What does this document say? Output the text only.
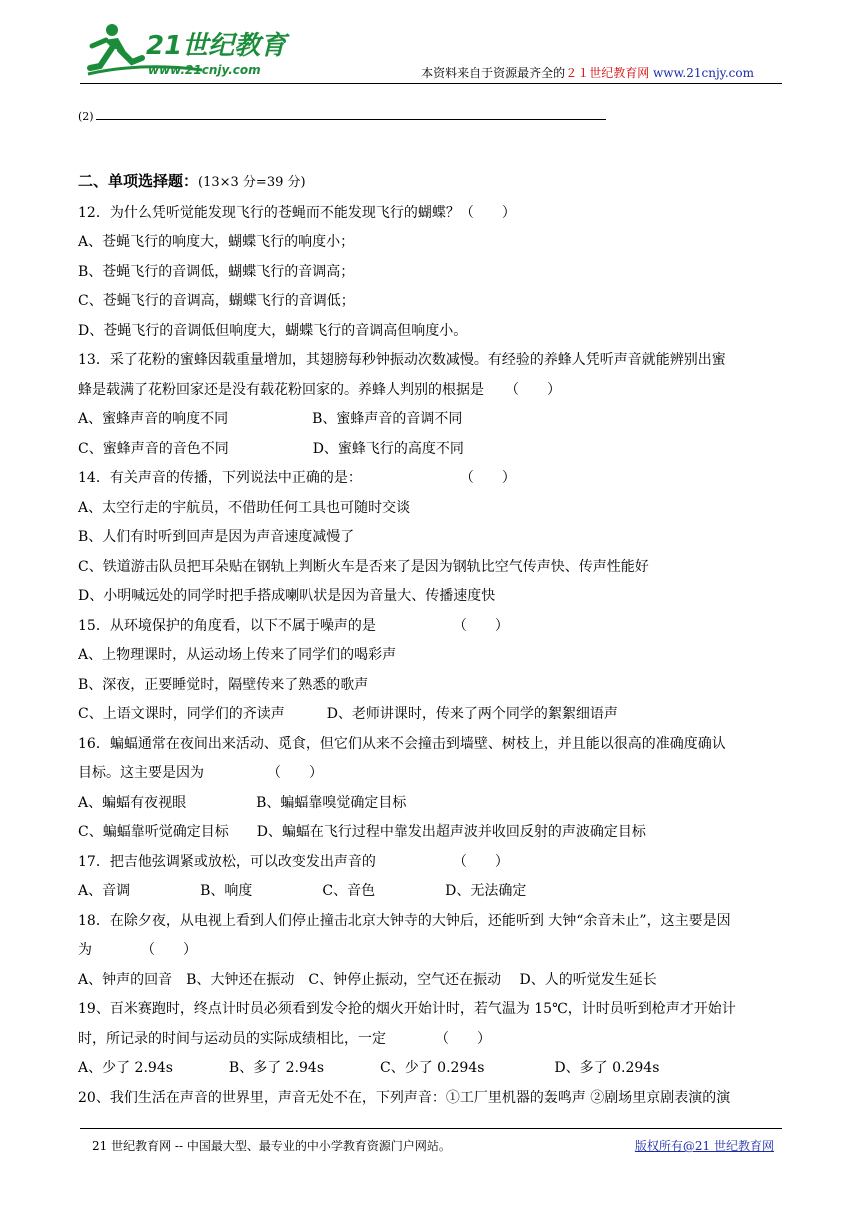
21世纪教育
www.21cnjy.com	本资料来自于资源最齐全的２１世纪教育网 www.21cnjy.com
(2)
二、单项选择题：(13×3 分=39 分)
12．为什么凭听觉能发现飞行的苍蝇而不能发现飞行的蝴蝶？（　　）
A、苍蝇飞行的响度大，蝴蝶飞行的响度小；
B、苍蝇飞行的音调低，蝴蝶飞行的音调高；
C、苍蝇飞行的音调高，蝴蝶飞行的音调低；
D、苍蝇飞行的音调低但响度大，蝴蝶飞行的音调高但响度小。
13．采了花粉的蜜蜂因载重量增加，其翅膀每秒钟振动次数减慢。有经验的养蜂人凭听声音就能辨别出蜜
蜂是载满了花粉回家还是没有载花粉回家的。养蜂人判别的根据是　　（　　）
A、蜜蜂声音的响度不同　　　　　　B、蜜蜂声音的音调不同
C、蜜蜂声音的音色不同　　　　　　D、蜜蜂飞行的高度不同
14．有关声音的传播，下列说法中正确的是：　　　　　　　　（　　）
A、太空行走的宇航员，不借助任何工具也可随时交谈
B、人们有时听到回声是因为声音速度减慢了
C、铁道游击队员把耳朵贴在钢轨上判断火车是否来了是因为钢轨比空气传声快、传声性能好
D、小明喊远处的同学时把手搭成喇叭状是因为音量大、传播速度快
15．从环境保护的角度看，以下不属于噪声的是　　　　　　（　　）
A、上物理课时，从运动场上传来了同学们的喝彩声
B、深夜，正要睡觉时，隔壁传来了熟悉的歌声
C、上语文课时，同学们的齐读声　　　D、老师讲课时，传来了两个同学的絮絮细语声
16．蝙蝠通常在夜间出来活动、觅食，但它们从来不会撞击到墙壁、树枝上，并且能以很高的准确度确认
目标。这主要是因为　　　　　（　　）
A、蝙蝠有夜视眼　　　　　B、蝙蝠靠嗅觉确定目标
C、蝙蝠靠听觉确定目标　　D、蝙蝠在飞行过程中靠发出超声波并收回反射的声波确定目标
17．把吉他弦调紧或放松，可以改变发出声音的　　　　　　（　　）
A、音调　　　　　B、响度　　　　　C、音色　　　　　D、无法确定
18．在除夕夜，从电视上看到人们停止撞击北京大钟寺的大钟后，还能听到 大钟“余音未止”，这主要是因
为　　　　（　　）
A、钟声的回音　B、大钟还在振动　C、钟停止振动，空气还在振动　 D、人的听觉发生延长
19、百米赛跑时，终点计时员必须看到发令抢的烟火开始计时，若气温为 15℃，计时员听到枪声才开始计
时，所记录的时间与运动员的实际成绩相比，一定　　　　（　　）
A、少了 2.94s　　　　B、多了 2.94s　　　　C、少了 0.294s　　　　　D、多了 0.294s
20、我们生活在声音的世界里，声音无处不在，下列声音：①工厂里机器的轰鸣声 ②剧场里京剧表演的演
21 世纪教育网 -- 中国最大型、最专业的中小学教育资源门户网站。	版权所有@21 世纪教育网
